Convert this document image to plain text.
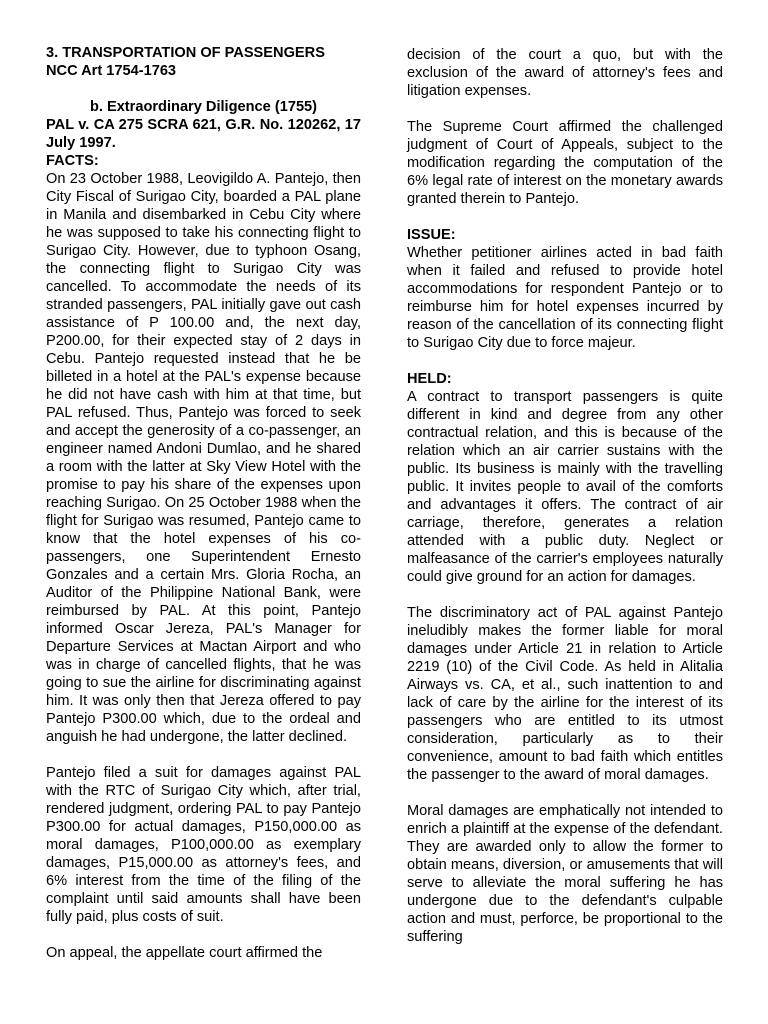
3. TRANSPORTATION OF PASSENGERS
NCC Art 1754-1763
b. Extraordinary Diligence (1755)

PAL v. CA 275 SCRA 621, G.R. No. 120262, 17 July 1997.

FACTS:

On 23 October 1988, Leovigildo A. Pantejo, then City Fiscal of Surigao City, boarded a PAL plane in Manila and disembarked in Cebu City where he was supposed to take his connecting flight to Surigao City. However, due to typhoon Osang, the connecting flight to Surigao City was cancelled. To accommodate the needs of its stranded passengers, PAL initially gave out cash assistance of P 100.00 and, the next day, P200.00, for their expected stay of 2 days in Cebu. Pantejo requested instead that he be billeted in a hotel at the PAL's expense because he did not have cash with him at that time, but PAL refused. Thus, Pantejo was forced to seek and accept the generosity of a co-passenger, an engineer named Andoni Dumlao, and he shared a room with the latter at Sky View Hotel with the promise to pay his share of the expenses upon reaching Surigao. On 25 October 1988 when the flight for Surigao was resumed, Pantejo came to know that the hotel expenses of his co-passengers, one Superintendent Ernesto Gonzales and a certain Mrs. Gloria Rocha, an Auditor of the Philippine National Bank, were reimbursed by PAL. At this point, Pantejo informed Oscar Jereza, PAL's Manager for Departure Services at Mactan Airport and who was in charge of cancelled flights, that he was going to sue the airline for discriminating against him. It was only then that Jereza offered to pay Pantejo P300.00 which, due to the ordeal and anguish he had undergone, the latter declined.

Pantejo filed a suit for damages against PAL with the RTC of Surigao City which, after trial, rendered judgment, ordering PAL to pay Pantejo P300.00 for actual damages, P150,000.00 as moral damages, P100,000.00 as exemplary damages, P15,000.00 as attorney's fees, and 6% interest from the time of the filing of the complaint until said amounts shall have been fully paid, plus costs of suit.

On appeal, the appellate court affirmed the

decision of the court a quo, but with the exclusion of the award of attorney's fees and litigation expenses.

The Supreme Court affirmed the challenged judgment of Court of Appeals, subject to the modification regarding the computation of the 6% legal rate of interest on the monetary awards granted therein to Pantejo.

ISSUE:

Whether petitioner airlines acted in bad faith when it failed and refused to provide hotel accommodations for respondent Pantejo or to reimburse him for hotel expenses incurred by reason of the cancellation of its connecting flight to Surigao City due to force majeur.

HELD:

A contract to transport passengers is quite different in kind and degree from any other contractual relation, and this is because of the relation which an air carrier sustains with the public. Its business is mainly with the travelling public. It invites people to avail of the comforts and advantages it offers. The contract of air carriage, therefore, generates a relation attended with a public duty. Neglect or malfeasance of the carrier's employees naturally could give ground for an action for damages.

The discriminatory act of PAL against Pantejo ineludibly makes the former liable for moral damages under Article 21 in relation to Article 2219 (10) of the Civil Code. As held in Alitalia Airways vs. CA, et al., such inattention to and lack of care by the airline for the interest of its passengers who are entitled to its utmost consideration, particularly as to their convenience, amount to bad faith which entitles the passenger to the award of moral damages.

Moral damages are emphatically not intended to enrich a plaintiff at the expense of the defendant. They are awarded only to allow the former to obtain means, diversion, or amusements that will serve to alleviate the moral suffering he has undergone due to the defendant's culpable action and must, perforce, be proportional to the suffering
